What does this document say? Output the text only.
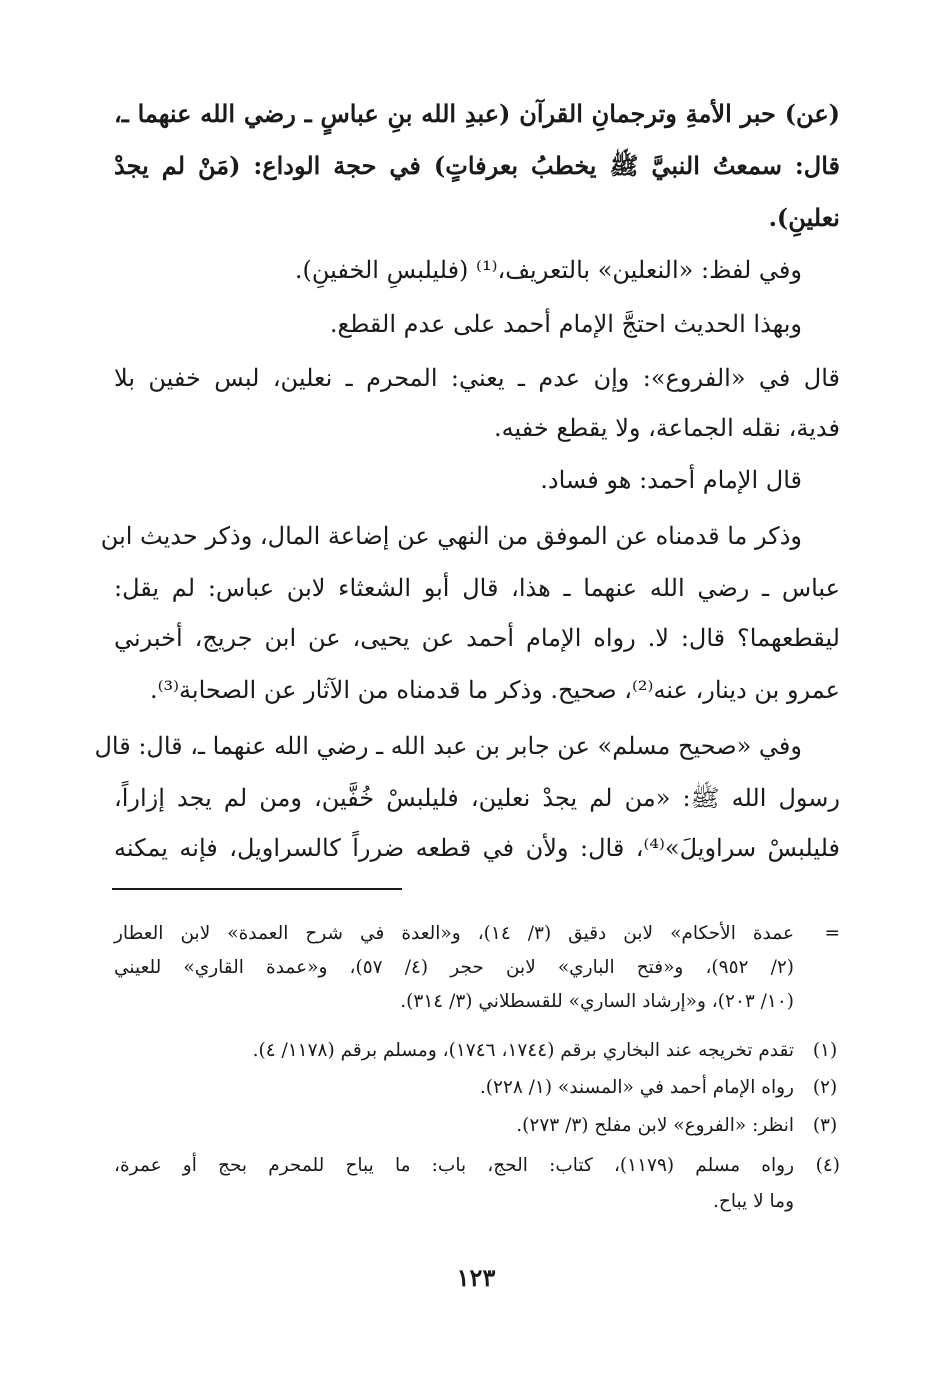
(عن) حبر الأمةِ وترجمانِ القرآن (عبدِ الله بنِ عباسٍ ـ رضي الله عنهما ـ،
قال: سمعتُ النبيَّ ﷺ يخطبُ بعرفاتٍ) في حجة الوداع: (مَنْ لم يجدْ
نعلينِ).
وفي لفظ: «النعلين» بالتعريف،⁽¹⁾ (فليلبسِ الخفينِ).
وبهذا الحديث احتجَّ الإمام أحمد على عدم القطع.
قال في «الفروع»: وإن عدم ـ يعني: المحرم ـ نعلين، لبس خفين بلا
فدية، نقله الجماعة، ولا يقطع خفيه.
قال الإمام أحمد: هو فساد.
وذكر ما قدمناه عن الموفق من النهي عن إضاعة المال، وذكر حديث ابن
عباس ـ رضي الله عنهما ـ هذا، قال أبو الشعثاء لابن عباس: لم يقل:
ليقطعهما؟ قال: لا. رواه الإمام أحمد عن يحيى، عن ابن جريج، أخبرني
عمرو بن دينار، عنه⁽²⁾، صحيح. وذكر ما قدمناه من الآثار عن الصحابة⁽³⁾.
وفي «صحيح مسلم» عن جابر بن عبد الله ـ رضي الله عنهما ـ، قال: قال
رسول الله ﷺ: «من لم يجدْ نعلين، فليلبسْ خُفَّين، ومن لم يجد إزاراً،
فليلبسْ سراويلَ»⁽⁴⁾، قال: ولأن في قطعه ضرراً كالسراويل، فإنه يمكنه
=
عمدة الأحكام» لابن دقيق (٣/ ١٤)، و«العدة في شرح العمدة» لابن العطار
(٢/ ٩٥٢)، و«فتح الباري» لابن حجر (٤/ ٥٧)، و«عمدة القاري» للعيني
(١٠/ ٢٠٣)، و«إرشاد الساري» للقسطلاني (٣/ ٣١٤).
(١)
تقدم تخريجه عند البخاري برقم (١٧٤٤، ١٧٤٦)، ومسلم برقم (١١٧٨/ ٤).
(٢)
رواه الإمام أحمد في «المسند» (١/ ٢٢٨).
(٣)
انظر: «الفروع» لابن مفلح (٣/ ٢٧٣).
(٤)
رواه مسلم (١١٧٩)، كتاب: الحج، باب: ما يباح للمحرم بحج أو عمرة،
وما لا يباح.
١٢٣
